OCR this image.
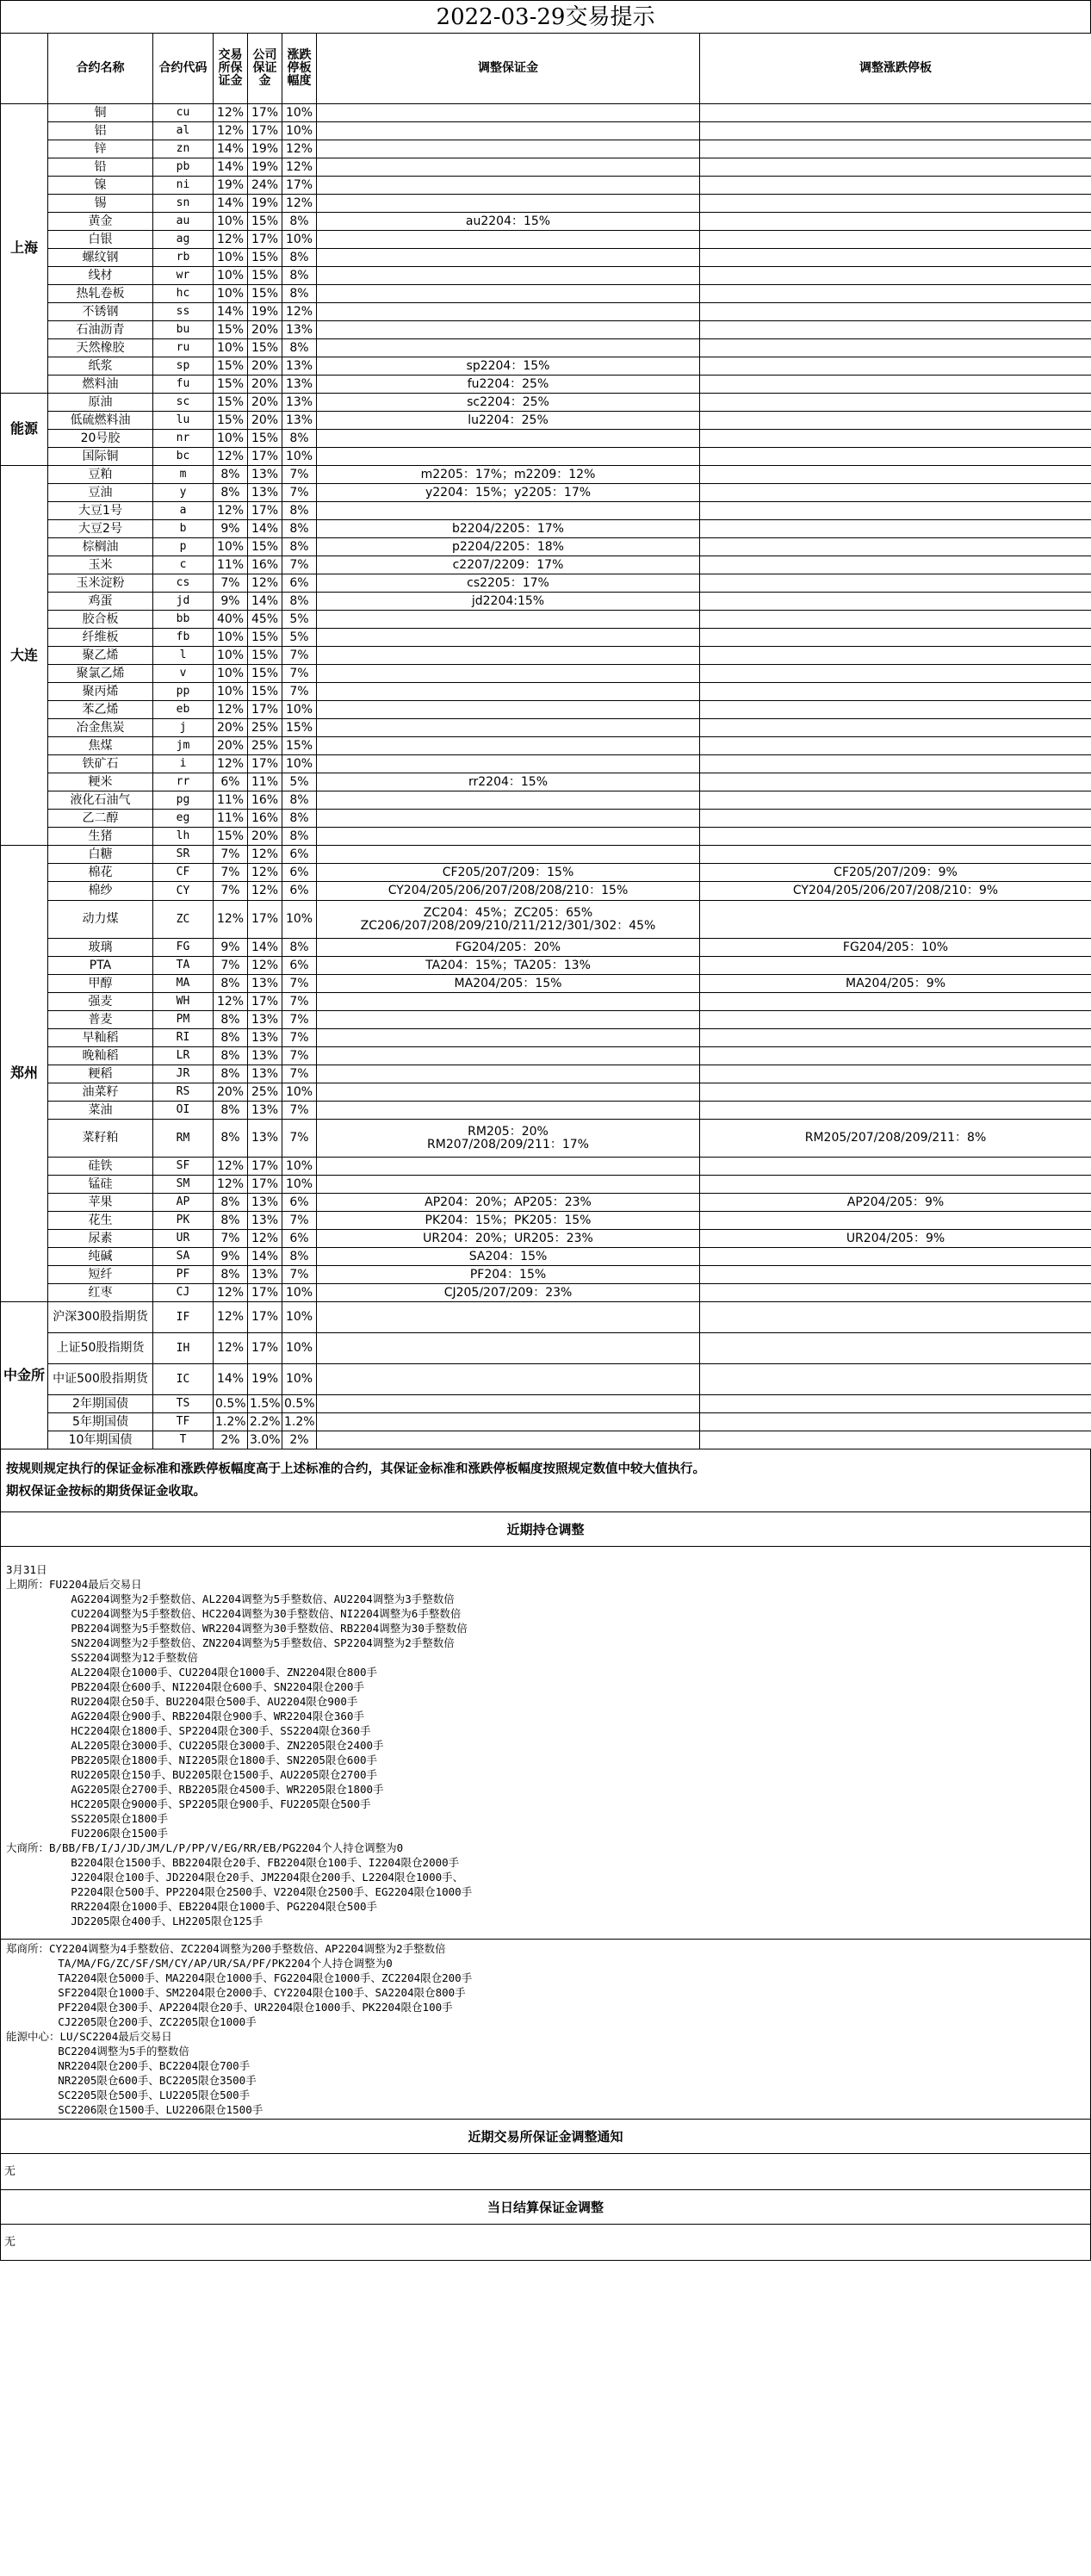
2022-03-29交易提示
	合约名称	合约代码	交易所保证金	公司保证金	涨跌停板幅度	调整保证金	调整涨跌停板
上海	铜	cu	12%	17%	10%		
	铝	al	12%	17%	10%		
	锌	zn	14%	19%	12%		
	铅	pb	14%	19%	12%		
	镍	ni	19%	24%	17%		
	锡	sn	14%	19%	12%		
	黄金	au	10%	15%	8%	au2204：15%	
	白银	ag	12%	17%	10%		
	螺纹钢	rb	10%	15%	8%		
	线材	wr	10%	15%	8%		
	热轧卷板	hc	10%	15%	8%		
	不锈钢	ss	14%	19%	12%		
	石油沥青	bu	15%	20%	13%		
	天然橡胶	ru	10%	15%	8%		
	纸浆	sp	15%	20%	13%	sp2204：15%	
	燃料油	fu	15%	20%	13%	fu2204：25%	
能源	原油	sc	15%	20%	13%	sc2204：25%	
	低硫燃料油	lu	15%	20%	13%	lu2204：25%	
	20号胶	nr	10%	15%	8%		
	国际铜	bc	12%	17%	10%		
大连	豆粕	m	8%	13%	7%	m2205：17%；m2209：12%	
	豆油	y	8%	13%	7%	y2204：15%；y2205：17%	
	大豆1号	a	12%	17%	8%		
	大豆2号	b	9%	14%	8%	b2204/2205：17%	
	棕榈油	p	10%	15%	8%	p2204/2205：18%	
	玉米	c	11%	16%	7%	c2207/2209：17%	
	玉米淀粉	cs	7%	12%	6%	cs2205：17%	
	鸡蛋	jd	9%	14%	8%	jd2204:15%	
	胶合板	bb	40%	45%	5%		
	纤维板	fb	10%	15%	5%		
	聚乙烯	l	10%	15%	7%		
	聚氯乙烯	v	10%	15%	7%		
	聚丙烯	pp	10%	15%	7%		
	苯乙烯	eb	12%	17%	10%		
	冶金焦炭	j	20%	25%	15%		
	焦煤	jm	20%	25%	15%		
	铁矿石	i	12%	17%	10%		
	粳米	rr	6%	11%	5%	rr2204：15%	
	液化石油气	pg	11%	16%	8%		
	乙二醇	eg	11%	16%	8%		
	生猪	lh	15%	20%	8%		
郑州	白糖	SR	7%	12%	6%		
	棉花	CF	7%	12%	6%	CF205/207/209：15%	CF205/207/209：9%
	棉纱	CY	7%	12%	6%	CY204/205/206/207/208/208/210：15%	CY204/205/206/207/208/210：9%
	动力煤	ZC	12%	17%	10%	ZC204：45%；ZC205：65%
ZC206/207/208/209/210/211/212/301/302：45%	
	玻璃	FG	9%	14%	8%	FG204/205：20%	FG204/205：10%
	PTA	TA	7%	12%	6%	TA204：15%；TA205：13%	
	甲醇	MA	8%	13%	7%	MA204/205：15%	MA204/205：9%
	强麦	WH	12%	17%	7%		
	普麦	PM	8%	13%	7%		
	早籼稻	RI	8%	13%	7%		
	晚籼稻	LR	8%	13%	7%		
	粳稻	JR	8%	13%	7%		
	油菜籽	RS	20%	25%	10%		
	菜油	OI	8%	13%	7%		
	菜籽粕	RM	8%	13%	7%	RM205：20%
RM207/208/209/211：17%	RM205/207/208/209/211：8%
	硅铁	SF	12%	17%	10%		
	锰硅	SM	12%	17%	10%		
	苹果	AP	8%	13%	6%	AP204：20%；AP205：23%	AP204/205：9%
	花生	PK	8%	13%	7%	PK204：15%；PK205：15%	
	尿素	UR	7%	12%	6%	UR204：20%；UR205：23%	UR204/205：9%
	纯碱	SA	9%	14%	8%	SA204：15%	
	短纤	PF	8%	13%	7%	PF204：15%	
	红枣	CJ	12%	17%	10%	CJ205/207/209：23%	
中金所	沪深300股指期货	IF	12%	17%	10%		
	上证50股指期货	IH	12%	17%	10%		
	中证500股指期货	IC	14%	19%	10%		
	2年期国债	TS	0.5%	1.5%	0.5%		
	5年期国债	TF	1.2%	2.2%	1.2%		
	10年期国债	T	2%	3.0%	2%		
按规则规定执行的保证金标准和涨跌停板幅度高于上述标准的合约，其保证金标准和涨跌停板幅度按照规定数值中较大值执行。
期权保证金按标的期货保证金收取。
近期持仓调整
3月31日
上期所：FU2204最后交易日
AG2204调整为2手整数倍、AL2204调整为5手整数倍、AU2204调整为3手整数倍
CU2204调整为5手整数倍、HC2204调整为30手整数倍、NI2204调整为6手整数倍
PB2204调整为5手整数倍、WR2204调整为30手整数倍、RB2204调整为30手整数倍
SN2204调整为2手整数倍、ZN2204调整为5手整数倍、SP2204调整为2手整数倍
SS2204调整为12手整数倍
AL2204限仓1000手、CU2204限仓1000手、ZN2204限仓800手
PB2204限仓600手、NI2204限仓600手、SN2204限仓200手
RU2204限仓50手、BU2204限仓500手、AU2204限仓900手
AG2204限仓900手、RB2204限仓900手、WR2204限仓360手
HC2204限仓1800手、SP2204限仓300手、SS2204限仓360手
AL2205限仓3000手、CU2205限仓3000手、ZN2205限仓2400手
PB2205限仓1800手、NI2205限仓1800手、SN2205限仓600手
RU2205限仓150手、BU2205限仓1500手、AU2205限仓2700手
AG2205限仓2700手、RB2205限仓4500手、WR2205限仓1800手
HC2205限仓9000手、SP2205限仓900手、FU2205限仓500手
SS2205限仓1800手
FU2206限仓1500手
大商所：B/BB/FB/I/J/JD/JM/L/P/PP/V/EG/RR/EB/PG2204个人持仓调整为0
B2204限仓1500手、BB2204限仓20手、FB2204限仓100手、I2204限仓2000手
J2204限仓100手、JD2204限仓20手、JM2204限仓200手、L2204限仓1000手、
P2204限仓500手、PP2204限仓2500手、V2204限仓2500手、EG2204限仓1000手
RR2204限仓1000手、EB2204限仓1000手、PG2204限仓500手
JD2205限仓400手、LH2205限仓125手
郑商所：CY2204调整为4手整数倍、ZC2204调整为200手整数倍、AP2204调整为2手整数倍
TA/MA/FG/ZC/SF/SM/CY/AP/UR/SA/PF/PK2204个人持仓调整为0
TA2204限仓5000手、MA2204限仓1000手、FG2204限仓1000手、ZC2204限仓200手
SF2204限仓1000手、SM2204限仓2000手、CY2204限仓100手、SA2204限仓800手
PF2204限仓300手、AP2204限仓20手、UR2204限仓1000手、PK2204限仓100手
CJ2205限仓200手、ZC2205限仓1000手
能源中心：LU/SC2204最后交易日
BC2204调整为5手的整数倍
NR2204限仓200手、BC2204限仓700手
NR2205限仓600手、BC2205限仓3500手
SC2205限仓500手、LU2205限仓500手
SC2206限仓1500手、LU2206限仓1500手
近期交易所保证金调整通知
无
当日结算保证金调整
无
